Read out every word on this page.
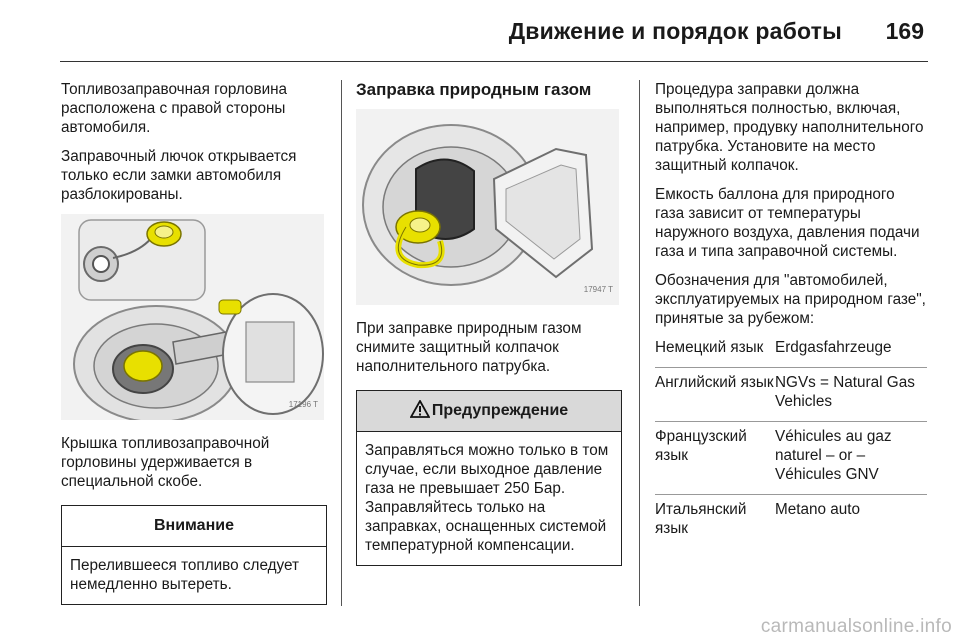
Движение и порядок работы 169

Топливозаправочная горловина расположена с правой стороны автомобиля.

Заправочный лючок открывается только если замки автомобиля разблокированы.

17196 T

Крышка топливозаправочной горловины удерживается в специальной скобе.

Внимание
Перелившееся топливо следует немедленно вытереть.
Заправка природным газом
17947 T

При заправке природным газом снимите защитный колпачок наполнительного патрубка.

Предупреждение
Заправляться можно только в том случае, если выходное давление газа не превышает 250 Бар. Заправляйтесь только на заправках, оснащенных системой температурной компенсации.

Процедура заправки должна выполняться полностью, включая, например, продувку наполнительного патрубка. Установите на место защитный колпачок.

Емкость баллона для природного газа зависит от температуры наружного воздуха, давления подачи газа и типа заправочной системы.

Обозначения для "автомобилей, эксплуатируемых на природном газе", принятые за рубежом:

Немецкий язык	Erdgasfahrzeuge
Английский язык	NGVs = Natural Gas Vehicles
Французский язык	Véhicules au gaz naturel – or – Véhicules GNV
Итальянский язык	Metano auto
carmanualsonline.info
